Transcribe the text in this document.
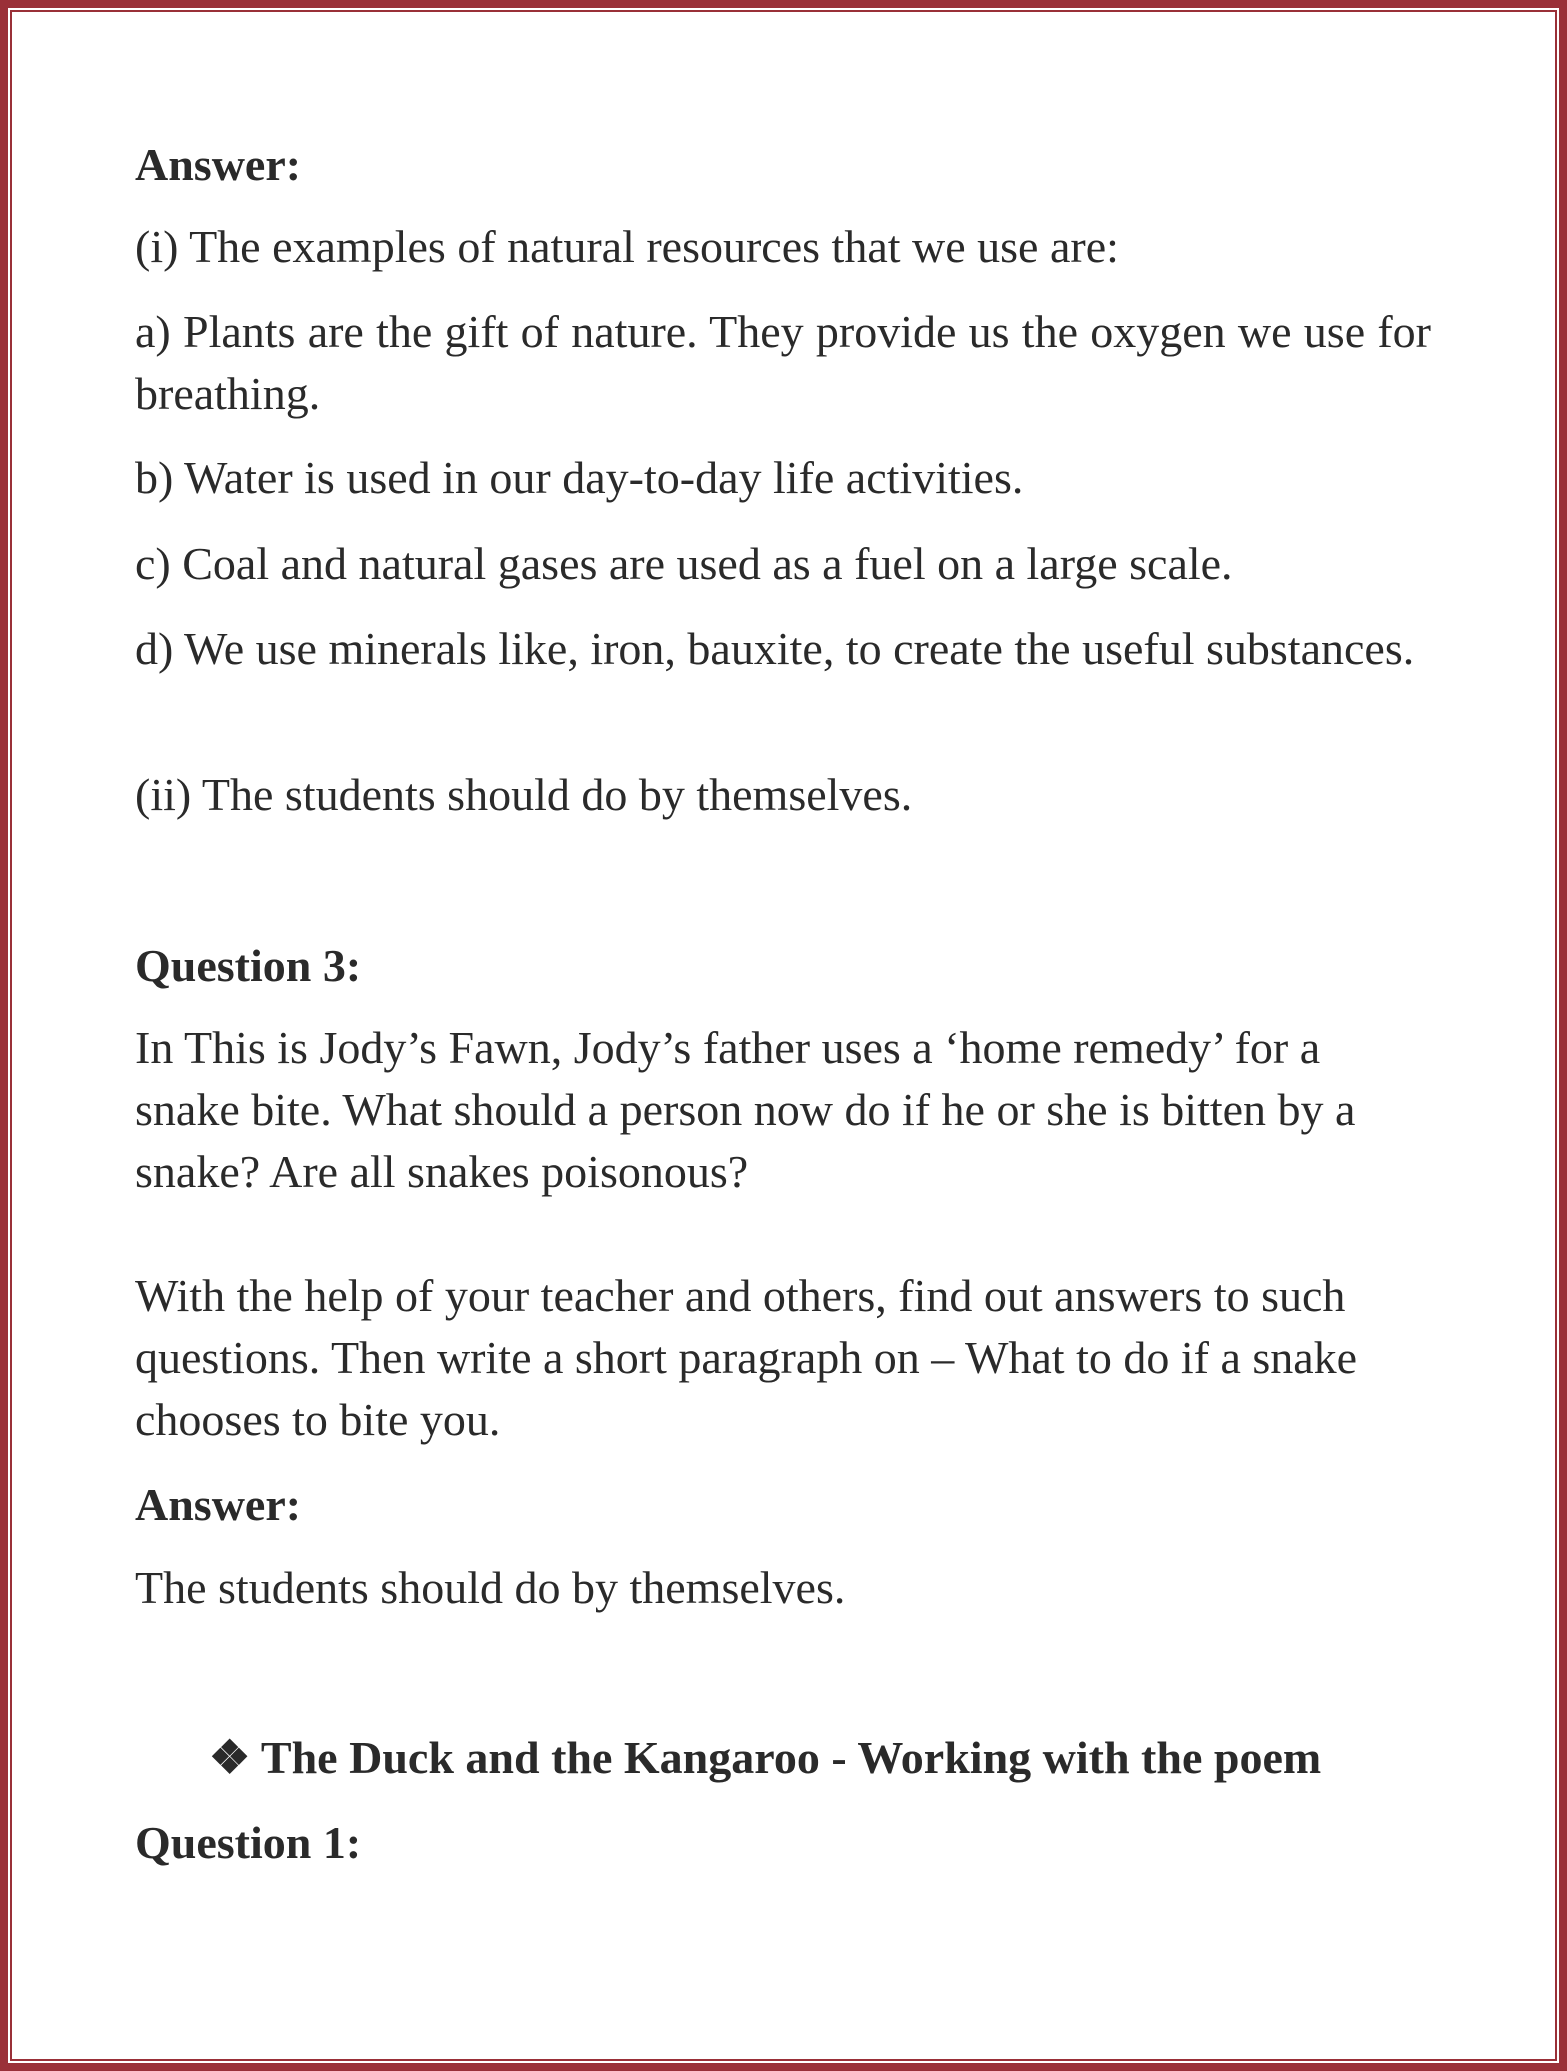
Answer:

(i) The examples of natural resources that we use are:

a) Plants are the gift of nature. They provide us the oxygen we use for breathing.

b) Water is used in our day-to-day life activities.

c) Coal and natural gases are used as a fuel on a large scale.

d) We use minerals like, iron, bauxite, to create the useful substances.

(ii) The students should do by themselves.

Question 3:

In This is Jody’s Fawn, Jody’s father uses a ‘home remedy’ for a snake bite. What should a person now do if he or she is bitten by a snake? Are all snakes poisonous?

With the help of your teacher and others, find out answers to such questions. Then write a short paragraph on – What to do if a snake chooses to bite you.

Answer:

The students should do by themselves.

❖ The Duck and the Kangaroo - Working with the poem

Question 1:
